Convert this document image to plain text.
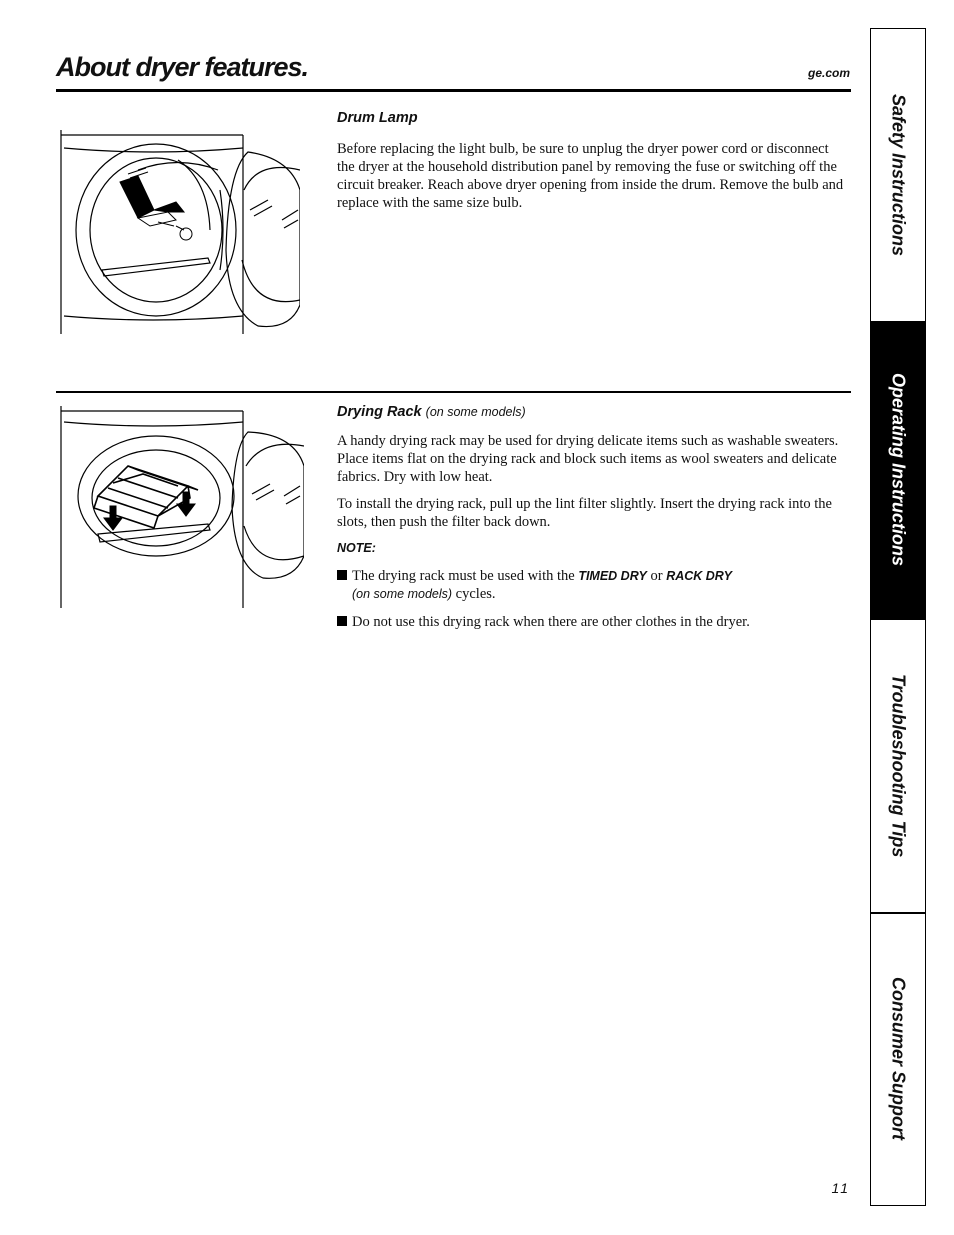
About dryer features.	ge.com
Drum Lamp

Before replacing the light bulb, be sure to unplug the dryer power cord or disconnect the dryer at the household distribution panel by removing the fuse or switching off the circuit breaker. Reach above dryer opening from inside the drum. Remove the bulb and replace with the same size bulb.

Drying Rack (on some models)

A handy drying rack may be used for drying delicate items such as washable sweaters. Place items flat on the drying rack and block such items as wool sweaters and delicate fabrics. Dry with low heat.

To install the drying rack, pull up the lint filter slightly. Insert the drying rack into the slots, then push the filter back down.

NOTE:
The drying rack must be used with the TIMED DRY or RACK DRY
(on some models) cycles.
Do not use this drying rack when there are other clothes in the dryer.
Safety Instructions
Operating Instructions
Troubleshooting Tips
Consumer Support
11
